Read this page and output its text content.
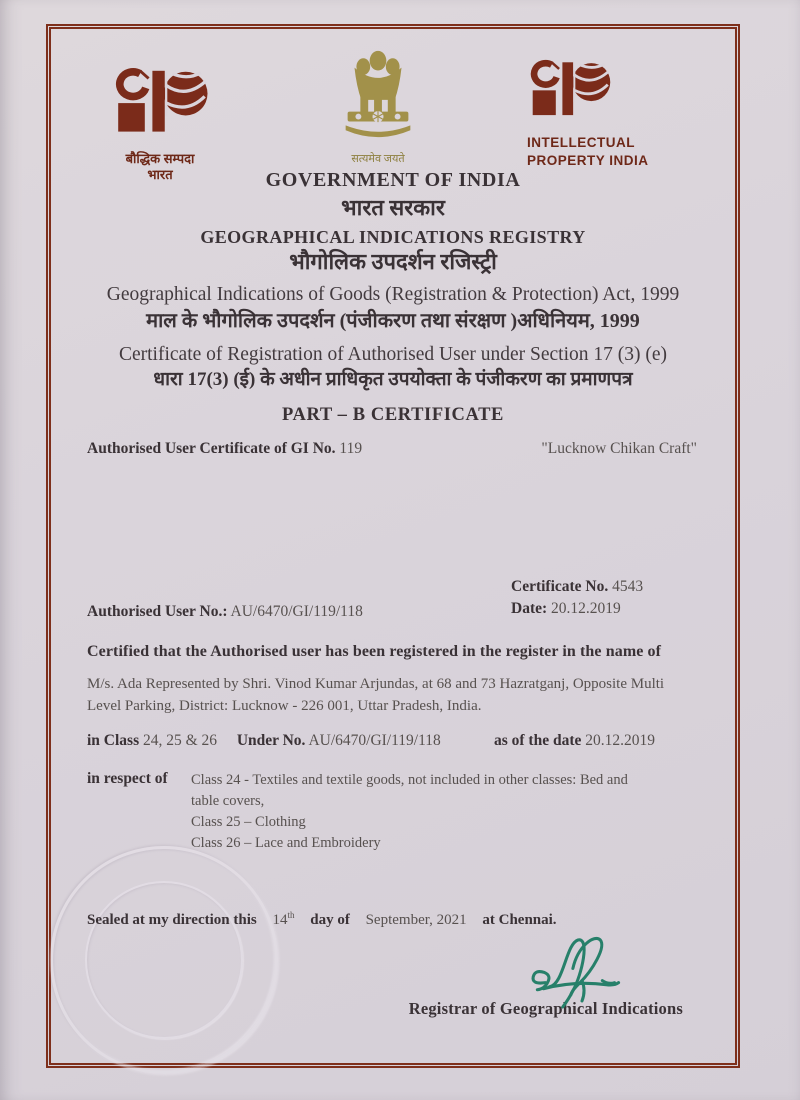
बौद्धिक सम्पदा
भारत
सत्यमेव जयते
INTELLECTUAL
PROPERTY INDIA
GOVERNMENT OF INDIA
भारत सरकार
GEOGRAPHICAL INDICATIONS REGISTRY
भौगोलिक उपदर्शन रजिस्ट्री
Geographical Indications of Goods (Registration & Protection) Act, 1999
माल के भौगोलिक उपदर्शन (पंजीकरण तथा संरक्षण )अधिनियम, 1999
Certificate of Registration of Authorised User under Section 17 (3) (e)
धारा 17(3) (ई) के अधीन प्राधिकृत उपयोक्ता के पंजीकरण का प्रमाणपत्र
PART – B CERTIFICATE
Authorised User Certificate of GI No. 119	"Lucknow Chikan Craft"
Authorised User No.: AU/6470/GI/119/118
Certificate No. 4543
Date: 20.12.2019
Certified that the Authorised user has been registered in the register in the name of
M/s. Ada Represented by Shri. Vinod Kumar Arjundas, at 68 and 73 Hazratganj, Opposite Multi Level Parking, District: Lucknow - 226 001, Uttar Pradesh, India.
in Class 24, 25 & 26 Under No. AU/6470/GI/119/118	as of the date 20.12.2019
in respect of	Class 24 - Textiles and textile goods, not included in other classes: Bed and table covers,
Class 25 – Clothing
Class 26 – Lace and Embroidery
Sealed at my direction this 14th day of September, 2021 at Chennai.
Registrar of Geographical Indications
